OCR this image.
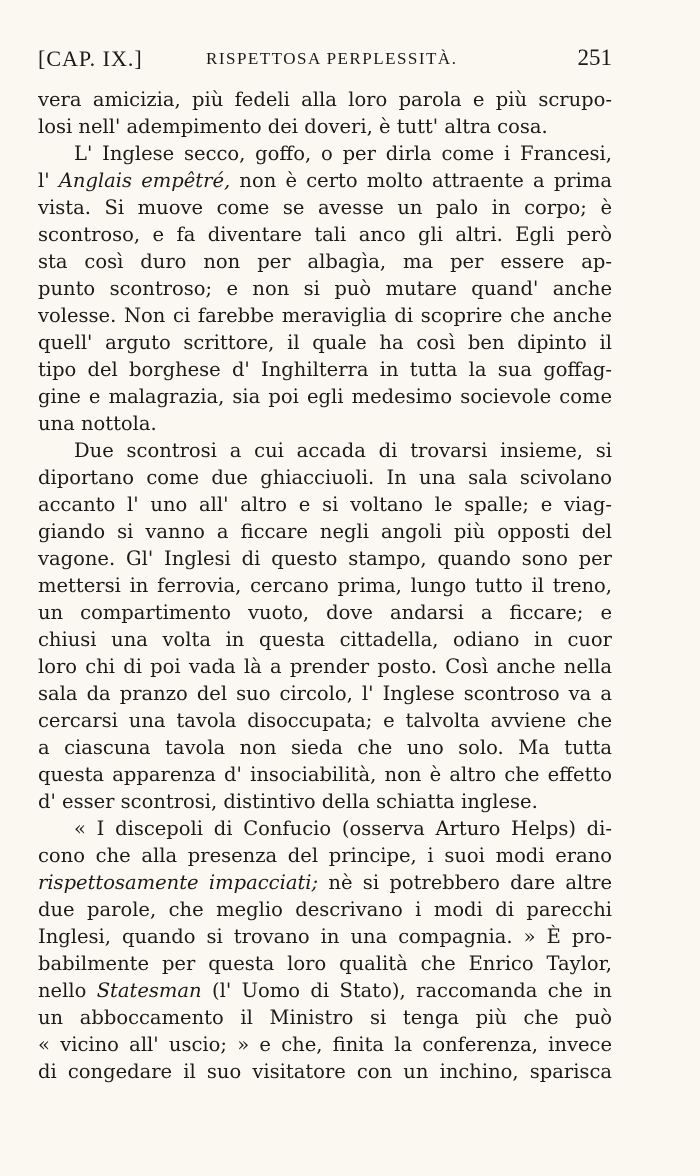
[CAP. IX.]	RISPETTOSA PERPLESSITÀ.	251
vera amicizia, più fedeli alla loro parola e più scrupo-
losi nell' adempimento dei doveri, è tutt' altra cosa.
L' Inglese secco, goffo, o per dirla come i Francesi,
l' Anglais empêtré, non è certo molto attraente a prima
vista. Si muove come se avesse un palo in corpo; è
scontroso, e fa diventare tali anco gli altri. Egli però
sta così duro non per albagìa, ma per essere ap-
punto scontroso; e non si può mutare quand' anche
volesse. Non ci farebbe meraviglia di scoprire che anche
quell' arguto scrittore, il quale ha così ben dipinto il
tipo del borghese d' Inghilterra in tutta la sua goffag-
gine e malagrazia, sia poi egli medesimo socievole come
una nottola.
Due scontrosi a cui accada di trovarsi insieme, si
diportano come due ghiacciuoli. In una sala scivolano
accanto l' uno all' altro e si voltano le spalle; e viag-
giando si vanno a ficcare negli angoli più opposti del
vagone. Gl' Inglesi di questo stampo, quando sono per
mettersi in ferrovia, cercano prima, lungo tutto il treno,
un compartimento vuoto, dove andarsi a ficcare; e
chiusi una volta in questa cittadella, odiano in cuor
loro chi di poi vada là a prender posto. Così anche nella
sala da pranzo del suo circolo, l' Inglese scontroso va a
cercarsi una tavola disoccupata; e talvolta avviene che
a ciascuna tavola non sieda che uno solo. Ma tutta
questa apparenza d' insociabilità, non è altro che effetto
d' esser scontrosi, distintivo della schiatta inglese.
« I discepoli di Confucio (osserva Arturo Helps) di-
cono che alla presenza del principe, i suoi modi erano
rispettosamente impacciati; nè si potrebbero dare altre
due parole, che meglio descrivano i modi di parecchi
Inglesi, quando si trovano in una compagnia. » È pro-
babilmente per questa loro qualità che Enrico Taylor,
nello Statesman (l' Uomo di Stato), raccomanda che in
un abboccamento il Ministro si tenga più che può
« vicino all' uscio; » e che, finita la conferenza, invece
di congedare il suo visitatore con un inchino, sparisca
